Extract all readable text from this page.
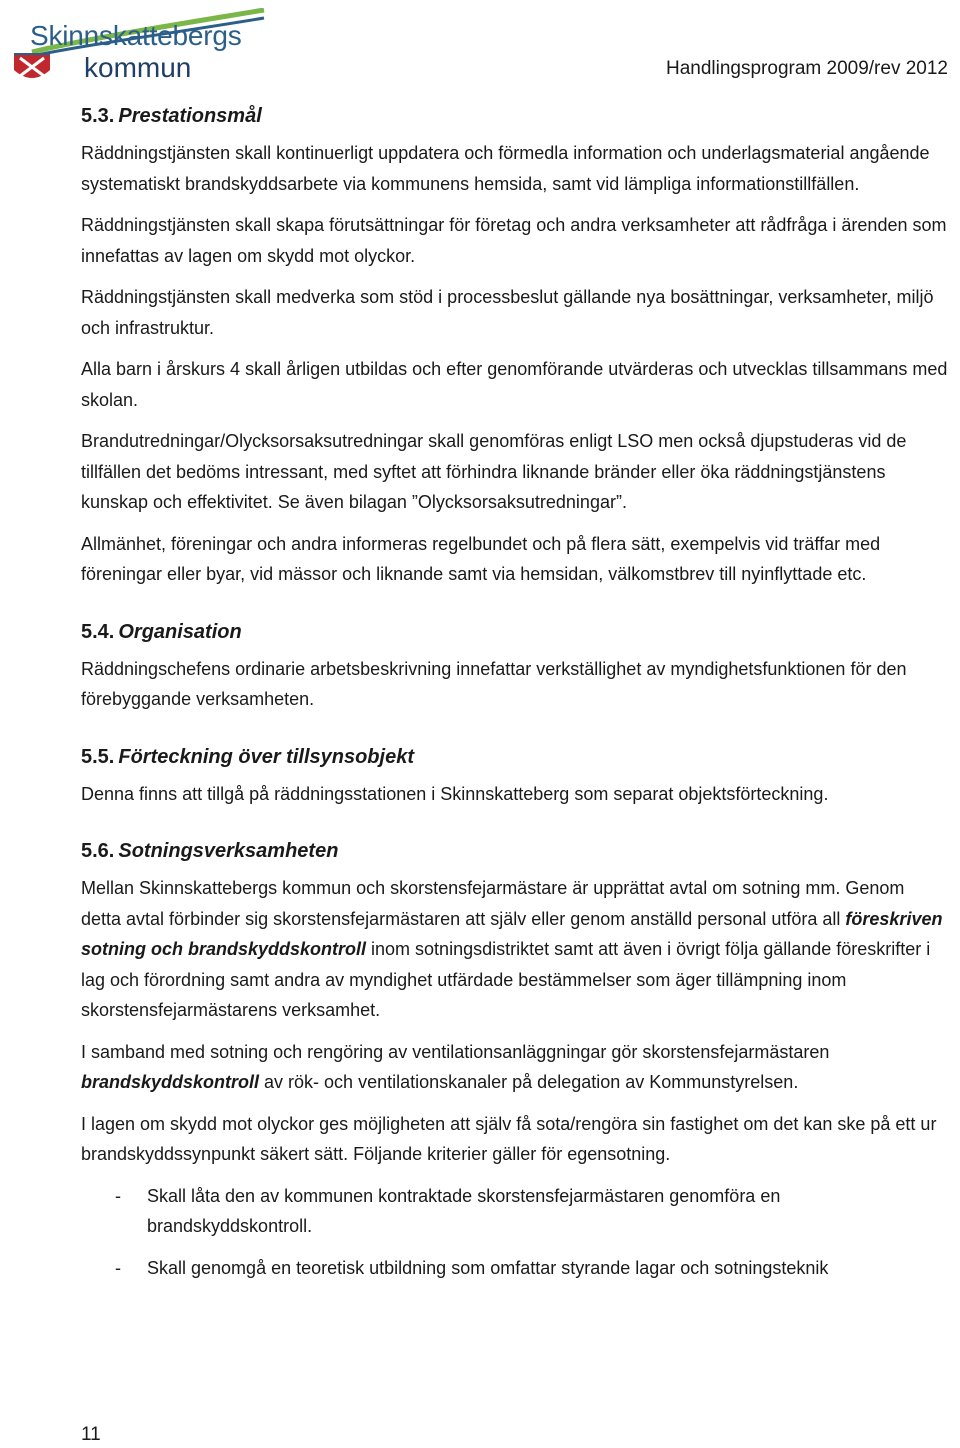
Skinnskattebergs
kommun	Handlingsprogram 2009/rev 2012
5.3. Prestationsmål

Räddningstjänsten skall kontinuerligt uppdatera och förmedla information och underlagsmaterial angående systematiskt brandskyddsarbete via kommunens hemsida, samt vid lämpliga informationstillfällen.

Räddningstjänsten skall skapa förutsättningar för företag och andra verksamheter att rådfråga i ärenden som innefattas av lagen om skydd mot olyckor.

Räddningstjänsten skall medverka som stöd i processbeslut gällande nya bosättningar, verksamheter, miljö och infrastruktur.

Alla barn i årskurs 4 skall årligen utbildas och efter genomförande utvärderas och utvecklas tillsammans med skolan.

Brandutredningar/Olycksorsaksutredningar skall genomföras enligt LSO men också djupstuderas vid de tillfällen det bedöms intressant, med syftet att förhindra liknande bränder eller öka räddningstjänstens kunskap och effektivitet. Se även bilagan ”Olycksorsaksutredningar”.

Allmänhet, föreningar och andra informeras regelbundet och på flera sätt, exempelvis vid träffar med föreningar eller byar, vid mässor och liknande samt via hemsidan, välkomstbrev till nyinflyttade etc.

5.4. Organisation

Räddningschefens ordinarie arbetsbeskrivning innefattar verkställighet av myndighetsfunktionen för den förebyggande verksamheten.

5.5. Förteckning över tillsynsobjekt

Denna finns att tillgå på räddningsstationen i Skinnskatteberg som separat objektsförteckning.

5.6. Sotningsverksamheten

Mellan Skinnskattebergs kommun och skorstensfejarmästare är upprättat avtal om sotning mm. Genom detta avtal förbinder sig skorstensfejarmästaren att själv eller genom anställd personal utföra all föreskriven sotning och brandskyddskontroll inom sotningsdistriktet samt att även i övrigt följa gällande föreskrifter i lag och förordning samt andra av myndighet utfärdade bestämmelser som äger tillämpning inom skorstensfejarmästarens verksamhet.

I samband med sotning och rengöring av ventilationsanläggningar gör skorstensfejarmästaren brandskyddskontroll av rök- och ventilationskanaler på delegation av Kommunstyrelsen.

I lagen om skydd mot olyckor ges möjligheten att själv få sota/rengöra sin fastighet om det kan ske på ett ur brandskyddssynpunkt säkert sätt. Följande kriterier gäller för egensotning.

- Skall låta den av kommunen kontraktade skorstensfejarmästaren genomföra en brandskyddskontroll.
- Skall genomgå en teoretisk utbildning som omfattar styrande lagar och sotningsteknik
11
